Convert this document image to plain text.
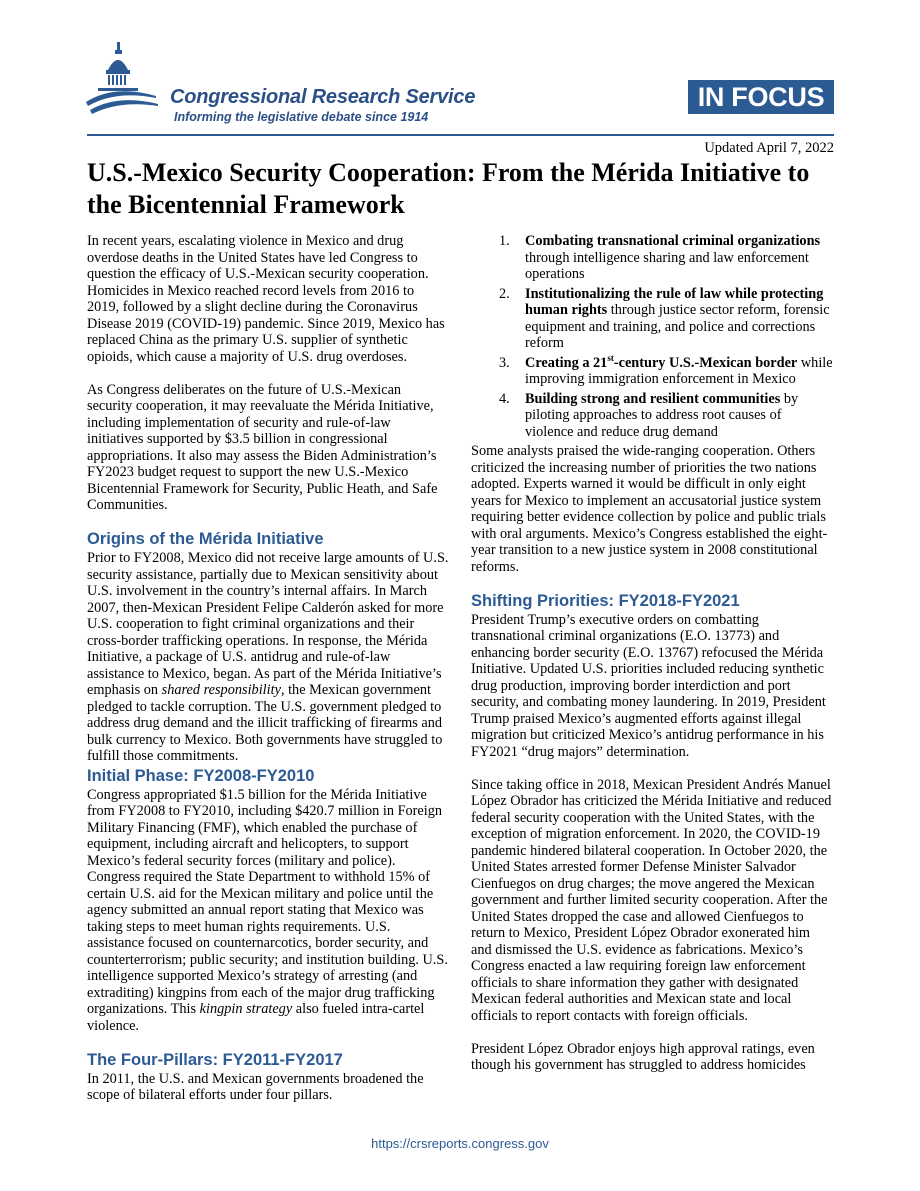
Congressional Research Service
Informing the legislative debate since 1914
IN FOCUS
Updated April 7, 2022
U.S.-Mexico Security Cooperation: From the Mérida Initiative to the Bicentennial Framework

In recent years, escalating violence in Mexico and drug overdose deaths in the United States have led Congress to question the efficacy of U.S.-Mexican security cooperation. Homicides in Mexico reached record levels from 2016 to 2019, followed by a slight decline during the Coronavirus Disease 2019 (COVID-19) pandemic. Since 2019, Mexico has replaced China as the primary U.S. supplier of synthetic opioids, which cause a majority of U.S. drug overdoses.

As Congress deliberates on the future of U.S.-Mexican security cooperation, it may reevaluate the Mérida Initiative, including implementation of security and rule-of-law initiatives supported by $3.5 billion in congressional appropriations. It also may assess the Biden Administration’s FY2023 budget request to support the new U.S.-Mexico Bicentennial Framework for Security, Public Heath, and Safe Communities.

Origins of the Mérida Initiative

Prior to FY2008, Mexico did not receive large amounts of U.S. security assistance, partially due to Mexican sensitivity about U.S. involvement in the country’s internal affairs. In March 2007, then-Mexican President Felipe Calderón asked for more U.S. cooperation to fight criminal organizations and their cross-border trafficking operations. In response, the Mérida Initiative, a package of U.S. antidrug and rule-of-law assistance to Mexico, began. As part of the Mérida Initiative’s emphasis on shared responsibility, the Mexican government pledged to tackle corruption. The U.S. government pledged to address drug demand and the illicit trafficking of firearms and bulk currency to Mexico. Both governments have struggled to fulfill those commitments.

Initial Phase: FY2008-FY2010

Congress appropriated $1.5 billion for the Mérida Initiative from FY2008 to FY2010, including $420.7 million in Foreign Military Financing (FMF), which enabled the purchase of equipment, including aircraft and helicopters, to support Mexico’s federal security forces (military and police). Congress required the State Department to withhold 15% of certain U.S. aid for the Mexican military and police until the agency submitted an annual report stating that Mexico was taking steps to meet human rights requirements. U.S. assistance focused on counternarcotics, border security, and counterterrorism; public security; and institution building. U.S. intelligence supported Mexico’s strategy of arresting (and extraditing) kingpins from each of the major drug trafficking organizations. This kingpin strategy also fueled intra-cartel violence.

The Four-Pillars: FY2011-FY2017

In 2011, the U.S. and Mexican governments broadened the scope of bilateral efforts under four pillars.

1. Combating transnational criminal organizations through intelligence sharing and law enforcement operations
2. Institutionalizing the rule of law while protecting human rights through justice sector reform, forensic equipment and training, and police and corrections reform
3. Creating a 21st-century U.S.-Mexican border while improving immigration enforcement in Mexico
4. Building strong and resilient communities by piloting approaches to address root causes of violence and reduce drug demand

Some analysts praised the wide-ranging cooperation. Others criticized the increasing number of priorities the two nations adopted. Experts warned it would be difficult in only eight years for Mexico to implement an accusatorial justice system requiring better evidence collection by police and public trials with oral arguments. Mexico’s Congress established the eight-year transition to a new justice system in 2008 constitutional reforms.

Shifting Priorities: FY2018-FY2021

President Trump’s executive orders on combatting transnational criminal organizations (E.O. 13773) and enhancing border security (E.O. 13767) refocused the Mérida Initiative. Updated U.S. priorities included reducing synthetic drug production, improving border interdiction and port security, and combating money laundering. In 2019, President Trump praised Mexico’s augmented efforts against illegal migration but criticized Mexico’s antidrug performance in his FY2021 “drug majors” determination.

Since taking office in 2018, Mexican President Andrés Manuel López Obrador has criticized the Mérida Initiative and reduced federal security cooperation with the United States, with the exception of migration enforcement. In 2020, the COVID-19 pandemic hindered bilateral cooperation. In October 2020, the United States arrested former Defense Minister Salvador Cienfuegos on drug charges; the move angered the Mexican government and further limited security cooperation. After the United States dropped the case and allowed Cienfuegos to return to Mexico, President López Obrador exonerated him and dismissed the U.S. evidence as fabrications. Mexico’s Congress enacted a law requiring foreign law enforcement officials to share information they gather with designated Mexican federal authorities and Mexican state and local officials to report contacts with foreign officials.

President López Obrador enjoys high approval ratings, even though his government has struggled to address homicides

https://crsreports.congress.gov
